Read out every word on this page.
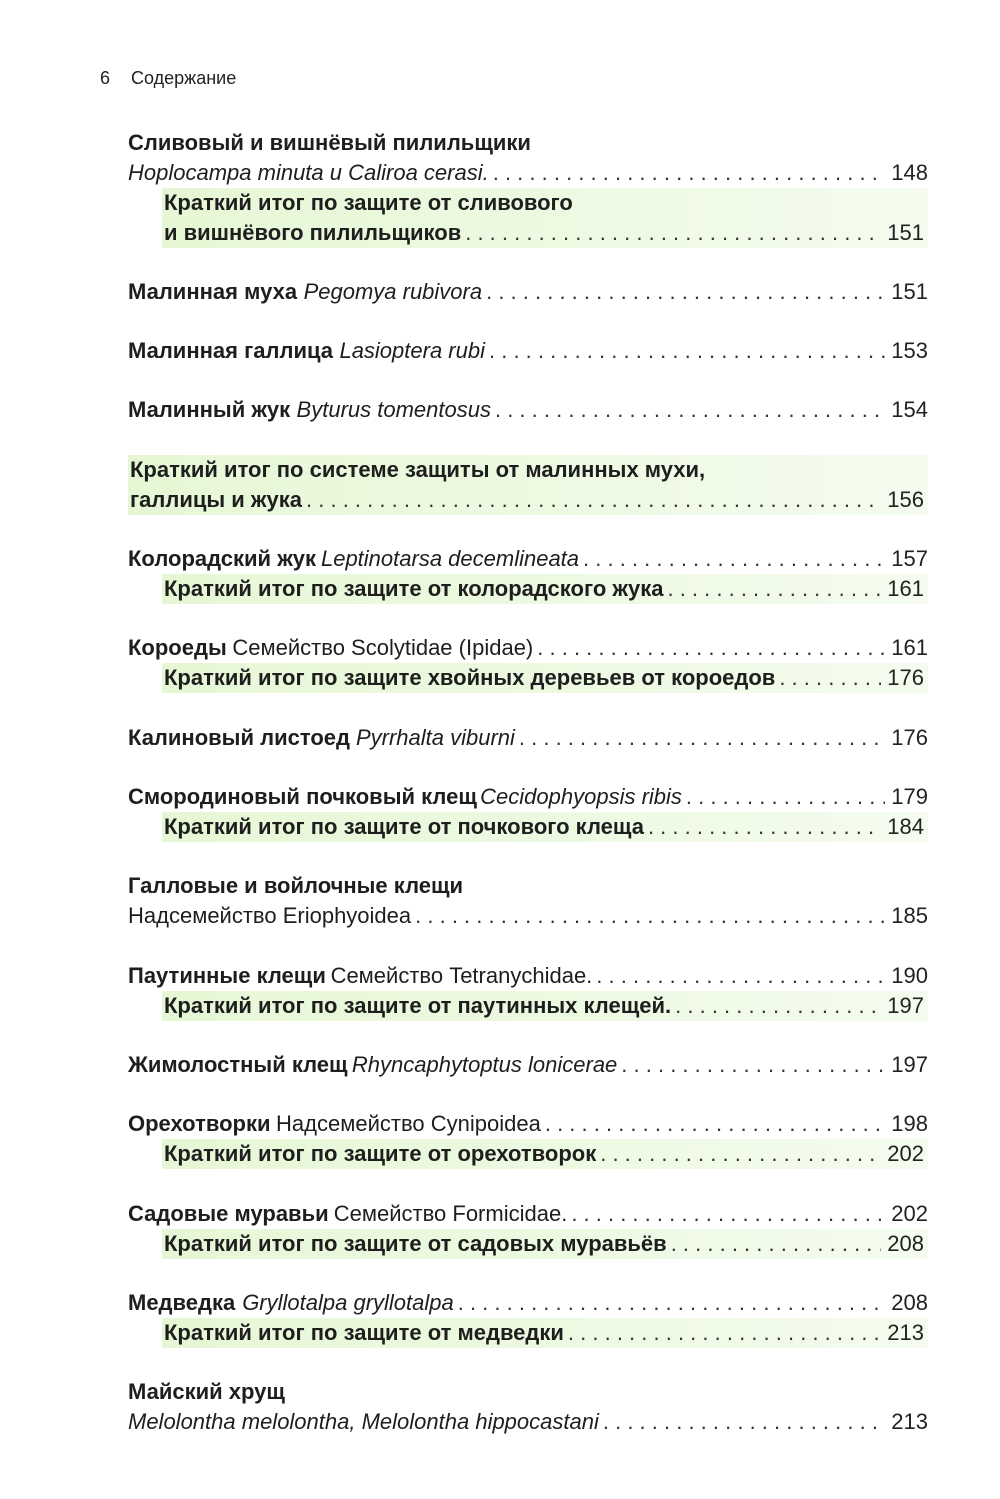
6 Содержание
Сливовый и вишнёвый пилильщики
Hoplocampa minuta и Caliroa cerasi. . . .	148
Краткий итог по защите от сливового
и вишнёвого пилильщиков . . .	151
Малинная муха Pegomya rubivora . . .	151
Малинная галлица Lasioptera rubi . . .	153
Малинный жук Byturus tomentosus . . .	154
Краткий итог по системе защиты от малинных мухи,
галлицы и жука . . .	156
Колорадский жук Leptinotarsa decemlineata . . .	157
Краткий итог по защите от колорадского жука . . .	161
Короеды Семейство Scolytidae (Ipidae) . . .	161
Краткий итог по защите хвойных деревьев от короедов . . .	176
Калиновый листоед Pyrrhalta viburni . . .	176
Смородиновый почковый клещ Cecidophyopsis ribis . . .	179
Краткий итог по защите от почкового клеща . . .	184
Галловые и войлочные клещи
Надсемейство Eriophyoidea . . .	185
Паутинные клещи Семейство Tetranychidae. . . .	190
Краткий итог по защите от паутинных клещей. . . .	197
Жимолостный клещ Rhyncaphytoptus lonicerae . . .	197
Орехотворки Надсемейство Cynipoidea . . .	198
Краткий итог по защите от орехотворок . . .	202
Садовые муравьи Семейство Formicidae. . . .	202
Краткий итог по защите от садовых муравьёв . . .	208
Медведка Gryllotalpa gryllotalpa . . .	208
Краткий итог по защите от медведки . . .	213
Майский хрущ
Melolontha melolontha, Melolontha hippocastani . . .	213
